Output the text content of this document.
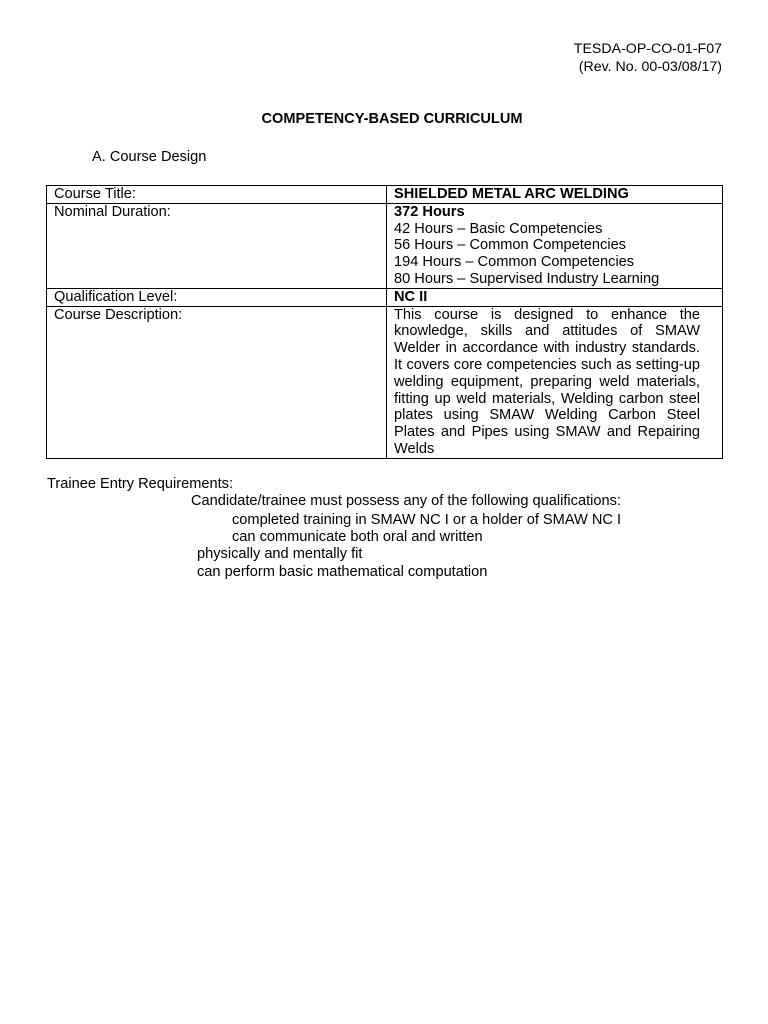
TESDA-OP-CO-01-F07
(Rev. No. 00-03/08/17)
COMPETENCY-BASED CURRICULUM
A. Course Design
Course Title:	SHIELDED METAL ARC WELDING
Nominal Duration:	372 Hours
42 Hours – Basic Competencies
56 Hours – Common Competencies
194 Hours – Common Competencies
80 Hours – Supervised Industry Learning

Qualification Level:	NC II
Course Description:	This course is designed to enhance the knowledge, skills and attitudes of SMAW Welder in accordance with industry standards. It covers core competencies such as setting-up welding equipment, preparing weld materials, fitting up weld materials, Welding carbon steel plates using SMAW Welding Carbon Steel Plates and Pipes using SMAW and Repairing Welds
Trainee Entry Requirements:
Candidate/trainee must possess any of the following qualifications:
completed training in SMAW NC I or a holder of SMAW NC I
can communicate both oral and written
physically and mentally fit
can perform basic mathematical computation
